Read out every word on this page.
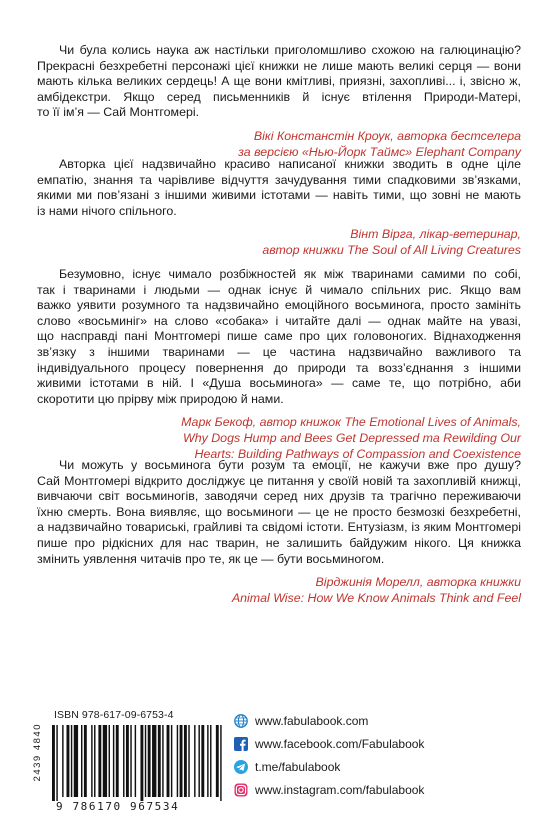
Чи була колись наука аж настільки приголомшливо схожою на галюцинацію?
Прекрасні безхребетні персонажі цієї книжки не лише мають великі серця — вони
мають кілька великих сердець! А ще вони кмітливі, приязні, захопливі... і, звісно ж,
амбідекстри. Якщо серед письменників й існує втілення Природи-Матері,
то її ім’я — Сай Монтгомері.

Вікі Констанстін Кроук, авторка бестселера
за версією «Нью-Йорк Таймс» Elephant Company

Авторка цієї надзвичайно красиво написаної книжки зводить в одне ціле
емпатію, знання та чарівливе відчуття зачудування тими спадковими зв’язками,
якими ми пов’язані з іншими живими істотами — навіть тими, що зовні не мають
із нами нічого спільного.

Вінт Вірга, лікар-ветеринар,
автор книжки The Soul of All Living Creatures

Безумовно, існує чимало розбіжностей як між тваринами самими по собі,
так і тваринами і людьми — однак існує й чимало спільних рис. Якщо вам
важко уявити розумного та надзвичайно емоційного восьминога, просто замініть
слово «восьминіг» на слово «собака» і читайте далі — однак майте на увазі,
що насправді пані Монтгомері пише саме про цих головоногих. Віднаходження
зв’язку з іншими тваринами — це частина надзвичайно важливого та
індивідуального процесу повернення до природи та возз’єднання з іншими
живими істотами в ній. І «Душа восьминога» — саме те, що потрібно, аби
скоротити цю прірву між природою й нами.

Марк Бекоф, автор книжок The Emotional Lives of Animals,
Why Dogs Hump and Bees Get Depressed та Rewilding Our
Hearts: Building Pathways of Compassion and Coexistence

Чи можуть у восьминога бути розум та емоції, не кажучи вже про душу?
Сай Монтгомері відкрито досліджує це питання у своїй новій та захопливій книжці,
вивчаючи світ восьминогів, заводячи серед них друзів та трагічно переживаючи
їхню смерть. Вона виявляє, що восьминоги — це не просто безмозкі безхребетні,
а надзвичайно товариські, грайливі та свідомі істоти. Ентузіазм, із яким Монтгомері
пише про рідкісних для нас тварин, не залишить байдужим нікого. Ця книжка
змінить уявлення читачів про те, як це — бути восьминогом.

Вірджинія Морелл, авторка книжки
Animal Wise: How We Know Animals Think and Feel
2439 4840
ISBN 978-617-09-6753-4
9 786170 967534
www.fabulabook.com
www.facebook.com/Fabulabook
t.me/fabulabook
www.instagram.com/fabulabook
